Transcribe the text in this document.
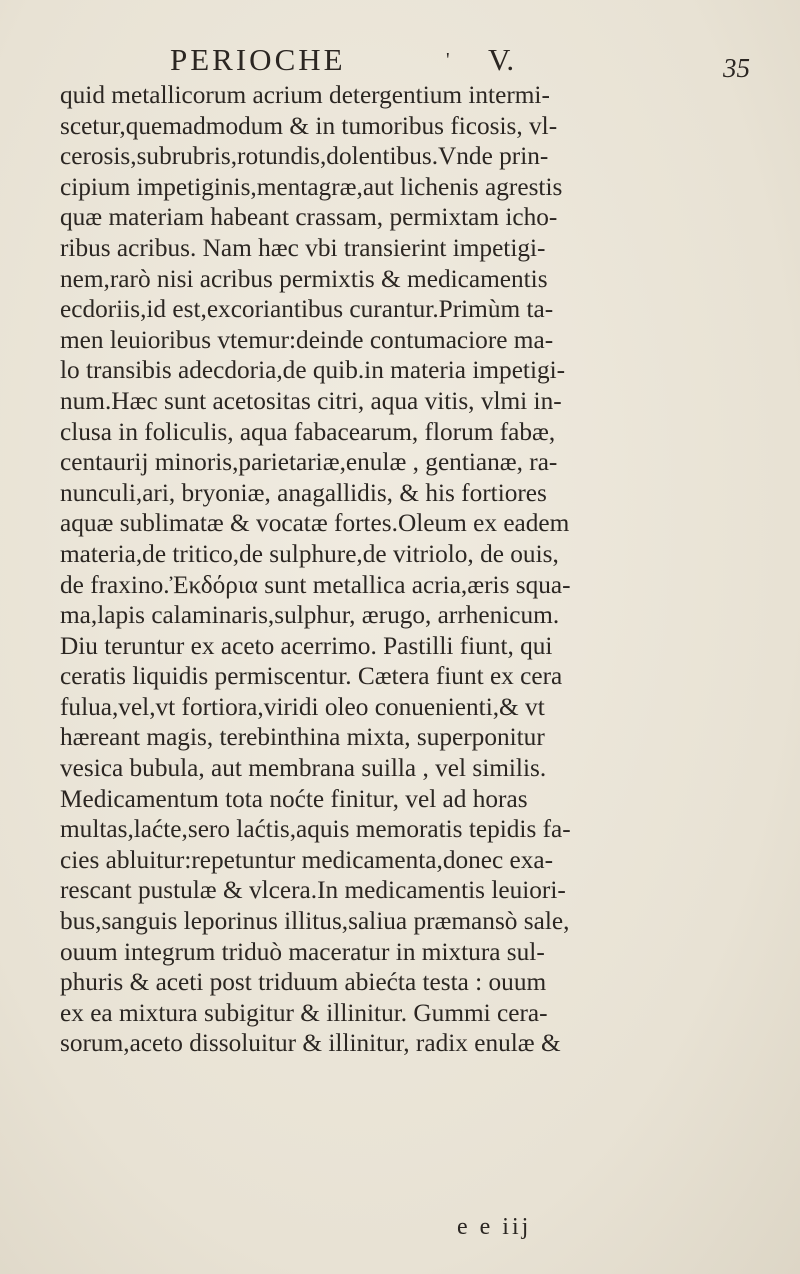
PERIOCHE	' V.	35
quid metallicorum acrium detergentium intermi-
scetur,quemadmodum & in tumoribus ficosis, vl-
cerosis,subrubris,rotundis,dolentibus.Vnde prin-
cipium impetiginis,mentagræ,aut lichenis agrestis
quæ materiam habeant crassam, permixtam icho-
ribus acribus. Nam hæc vbi transierint impetigi-
nem,rarò nisi acribus permixtis & medicamentis
ecdoriis,id est,excoriantibus curantur.Primùm ta-
men leuioribus vtemur:deinde contumaciore ma-
lo transibis adecdoria,de quib.in materia impetigi-
num.Hæc sunt acetositas citri, aqua vitis, vlmi in-
clusa in foliculis, aqua fabacearum, florum fabæ,
centaurij minoris,parietariæ,enulæ , gentianæ, ra-
nunculi,ari, bryoniæ, anagallidis, & his fortiores
aquæ sublimatæ & vocatæ fortes.Oleum ex eadem
materia,de tritico,de sulphure,de vitriolo, de ouis,
de fraxino.Ἐκδόρια sunt metallica acria,æris squa-
ma,lapis calaminaris,sulphur, ærugo, arrhenicum.
Diu teruntur ex aceto acerrimo. Pastilli fiunt, qui
ceratis liquidis permiscentur. Cætera fiunt ex cera
fulua,vel,vt fortiora,viridi oleo conuenienti,& vt
hæreant magis, terebinthina mixta, superponitur
vesica bubula, aut membrana suilla , vel similis.
Medicamentum tota noćte finitur, vel ad horas
multas,laćte,sero laćtis,aquis memoratis tepidis fa-
cies abluitur:repetuntur medicamenta,donec exa-
rescant pustulæ & vlcera.In medicamentis leuiori-
bus,sanguis leporinus illitus,saliua præmansò sale,
ouum integrum triduò maceratur in mixtura sul-
phuris & aceti post triduum abiećta testa : ouum
ex ea mixtura subigitur & illinitur. Gummi cera-
sorum,aceto dissoluitur & illinitur, radix enulæ &
e e iij
